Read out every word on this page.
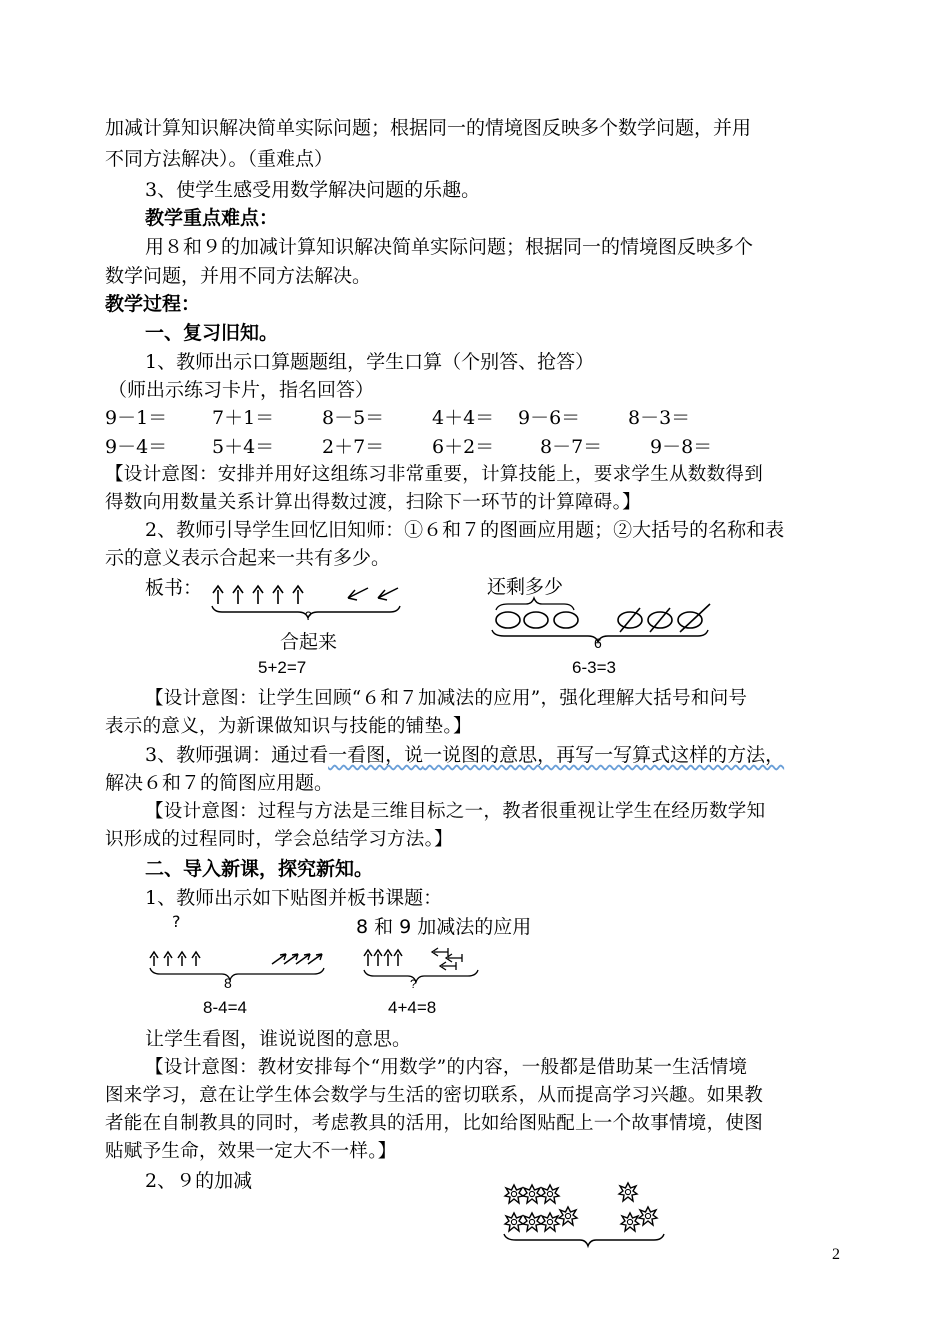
加减计算知识解决简单实际问题；根据同一的情境图反映多个数学问题，并用
不同方法解决）。（重难点）
3、使学生感受用数学解决问题的乐趣。
教学重点难点：
用８和９的加减计算知识解决简单实际问题；根据同一的情境图反映多个
数学问题，并用不同方法解决。
教学过程：
一、复习旧知。
1、教师出示口算题题组，学生口算（个别答、抢答）
（师出示练习卡片，指名回答）
9－1＝ 7＋1＝	8－5＝	4＋4＝ 9－6＝	8－3＝
9－4＝ 5＋4＝	2＋7＝	6＋2＝ 8－7＝	9－8＝
【设计意图：安排并用好这组练习非常重要，计算技能上，要求学生从数数得到
得数向用数量关系计算出得数过渡，扫除下一环节的计算障碍。】
2、教师引导学生回忆旧知师：①６和７的图画应用题；②大括号的名称和表
示的意义表示合起来一共有多少。
板书：
?
合起来
5+2=7
还剩多少
6
6-3=3
【设计意图：让学生回顾“６和７加减法的应用”，强化理解大括号和问号
表示的意义，为新课做知识与技能的铺垫。】
3、教师强调：通过看一看图，说一说图的意思，再写一写算式这样的方法，
解决６和７的简图应用题。
【设计意图：过程与方法是三维目标之一，教者很重视让学生在经历数学知
识形成的过程同时，学会总结学习方法。】
二、导入新课，探究新知。
1、教师出示如下贴图并板书课题：
?	8 和 9 加减法的应用
8
8-4=4
?
4+4=8
让学生看图，谁说说图的意思。
【设计意图：教材安排每个“用数学”的内容，一般都是借助某一生活情境
图来学习，意在让学生体会数学与生活的密切联系，从而提高学习兴趣。如果教
者能在自制教具的同时，考虑教具的活用，比如给图贴配上一个故事情境，使图
贴赋予生命，效果一定大不一样。】
2、９的加减
2
